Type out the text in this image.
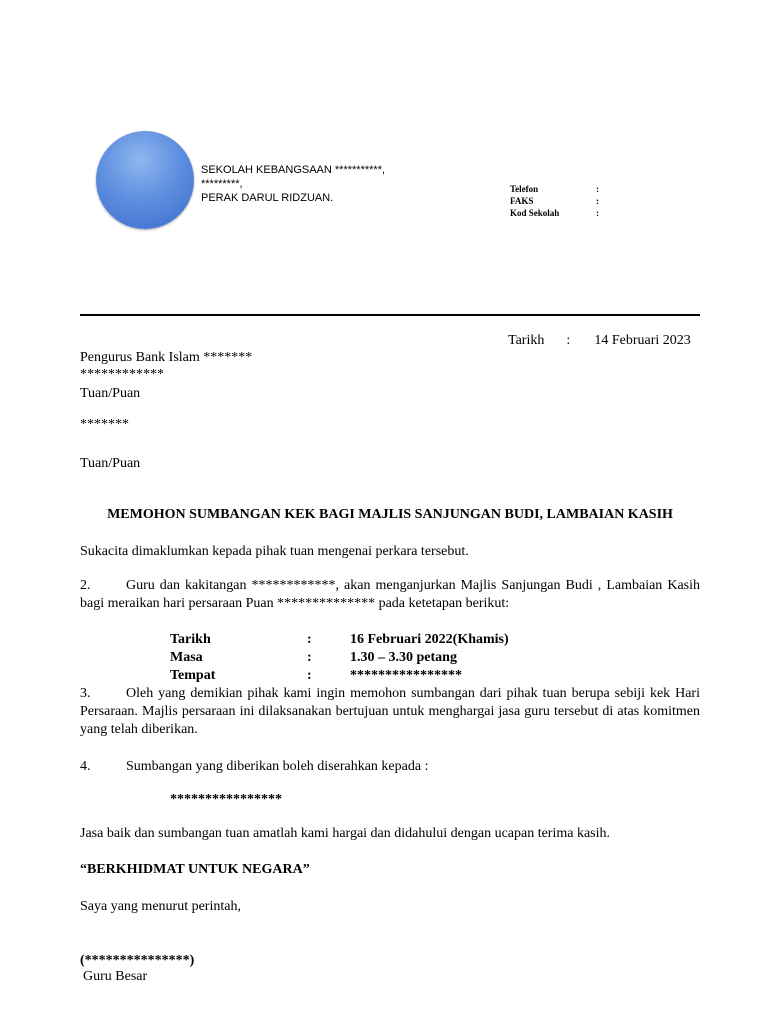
SEKOLAH KEBANGSAAN ***********,
*********,
PERAK DARUL RIDZUAN.
Telefon	:
FAKS	:
Kod Sekolah	:
Tarikh : 14 Februari 2023
Pengurus Bank Islam *******
************
Tuan/Puan
*******
Tuan/Puan
MEMOHON SUMBANGAN KEK BAGI MAJLIS SANJUNGAN BUDI, LAMBAIAN KASIH
Sukacita dimaklumkan kepada pihak tuan mengenai perkara tersebut.
2.	Guru dan kakitangan ************, akan menganjurkan Majlis Sanjungan Budi , Lambaian Kasih bagi meraikan hari persaraan Puan ************** pada ketetapan berikut:
Tarikh	:	16 Februari 2022(Khamis)
Masa	:	1.30 – 3.30 petang
Tempat	:	****************
3.	Oleh yang demikian pihak kami ingin memohon sumbangan dari pihak tuan berupa sebiji kek Hari Persaraan. Majlis persaraan ini dilaksanakan bertujuan untuk menghargai jasa guru tersebut di atas komitmen yang telah diberikan.
4.	Sumbangan yang diberikan boleh diserahkan kepada :
****************
Jasa baik dan sumbangan tuan amatlah kami hargai dan didahului dengan ucapan terima kasih.
“BERKHIDMAT UNTUK NEGARA”
Saya yang menurut perintah,
(***************)
Guru Besar
